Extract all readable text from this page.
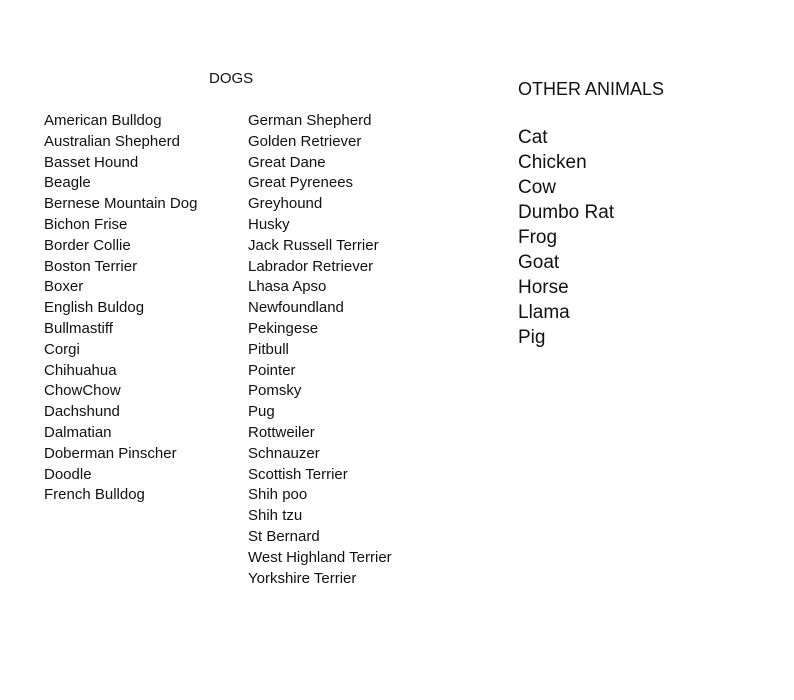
DOGS
American Bulldog
Australian Shepherd
Basset Hound
Beagle
Bernese Mountain Dog
Bichon Frise
Border Collie
Boston Terrier
Boxer
English Buldog
Bullmastiff
Corgi
Chihuahua
ChowChow
Dachshund
Dalmatian
Doberman Pinscher
Doodle
French Bulldog
German Shepherd
Golden Retriever
Great Dane
Great Pyrenees
Greyhound
Husky
Jack Russell Terrier
Labrador Retriever
Lhasa Apso
Newfoundland
Pekingese
Pitbull
Pointer
Pomsky
Pug
Rottweiler
Schnauzer
Scottish Terrier
Shih poo
Shih tzu
St Bernard
West Highland Terrier
Yorkshire Terrier
OTHER ANIMALS
Cat
Chicken
Cow
Dumbo Rat
Frog
Goat
Horse
Llama
Pig
